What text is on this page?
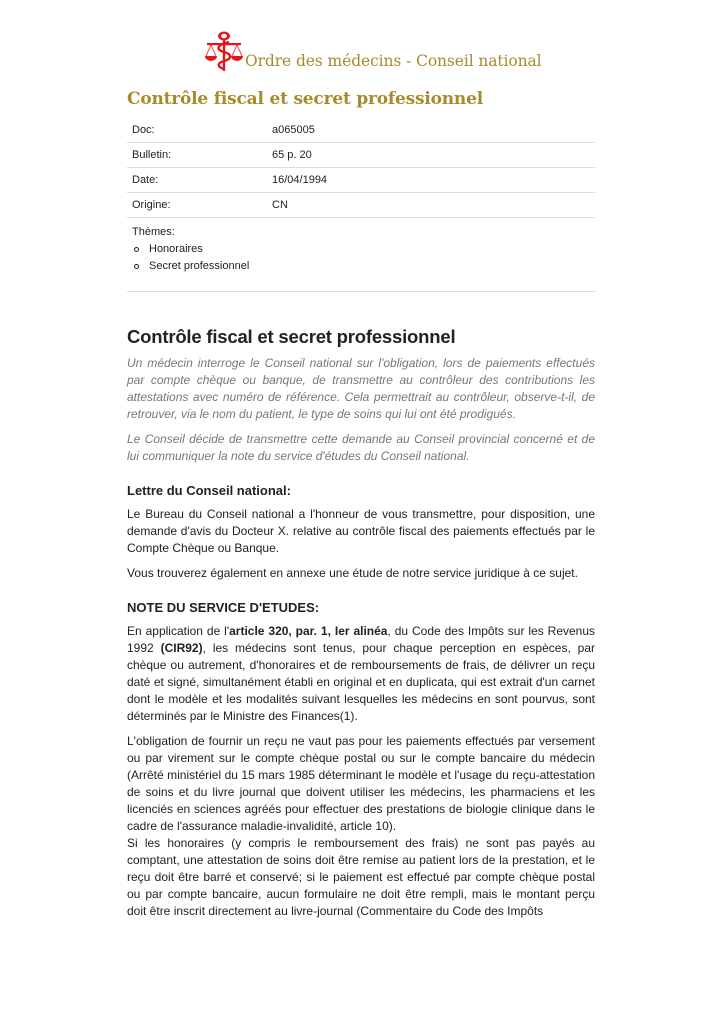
Ordre des médecins - Conseil national
Contrôle fiscal et secret professionnel
Doc:	a065005
Bulletin:	65 p. 20
Date:	16/04/1994
Origine:	CN
Thèmes:
Honoraires
Secret professionnel
Contrôle fiscal et secret professionnel

Un médecin interroge le Conseil national sur l'obligation, lors de paiements effectués par compte chèque ou banque, de transmettre au contrôleur des contributions les attestations avec numéro de référence. Cela permettrait au contrôleur, observe-t-il, de retrouver, via le nom du patient, le type de soins qui lui ont été prodigués.

Le Conseil décide de transmettre cette demande au Conseil provincial concerné et de lui communiquer la note du service d'études du Conseil national.

Lettre du Conseil national:

Le Bureau du Conseil national a l'honneur de vous transmettre, pour disposition, une demande d'avis du Docteur X. relative au contrôle fiscal des paiements effectués par le Compte Chèque ou Banque.

Vous trouverez également en annexe une étude de notre service juridique à ce sujet.

NOTE DU SERVICE D'ETUDES:

En application de l'article 320, par. 1, Ier alinéa, du Code des Impôts sur les Revenus 1992 (CIR92), les médecins sont tenus, pour chaque perception en espèces, par chèque ou autrement, d'honoraires et de remboursements de frais, de délivrer un reçu daté et signé, simultanément établi en original et en duplicata, qui est extrait d'un carnet dont le modèle et les modalités suivant lesquelles les médecins en sont pourvus, sont déterminés par le Ministre des Finances(1).

L'obligation de fournir un reçu ne vaut pas pour les paiements effectués par versement ou par virement sur le compte chèque postal ou sur le compte bancaire du médecin (Arrêté ministériel du 15 mars 1985 déterminant le modèle et l'usage du reçu-attestation de soins et du livre journal que doivent utiliser les médecins, les pharmaciens et les licenciés en sciences agréés pour effectuer des prestations de biologie clinique dans le cadre de l'assurance maladie-invalidité, article 10).

Si les honoraires (y compris le remboursement des frais) ne sont pas payés au comptant, une attestation de soins doit être remise au patient lors de la prestation, et le reçu doit être barré et conservé; si le paiement est effectué par compte chèque postal ou par compte bancaire, aucun formulaire ne doit être rempli, mais le montant perçu doit être inscrit directement au livre-journal (Commentaire du Code des Impôts
